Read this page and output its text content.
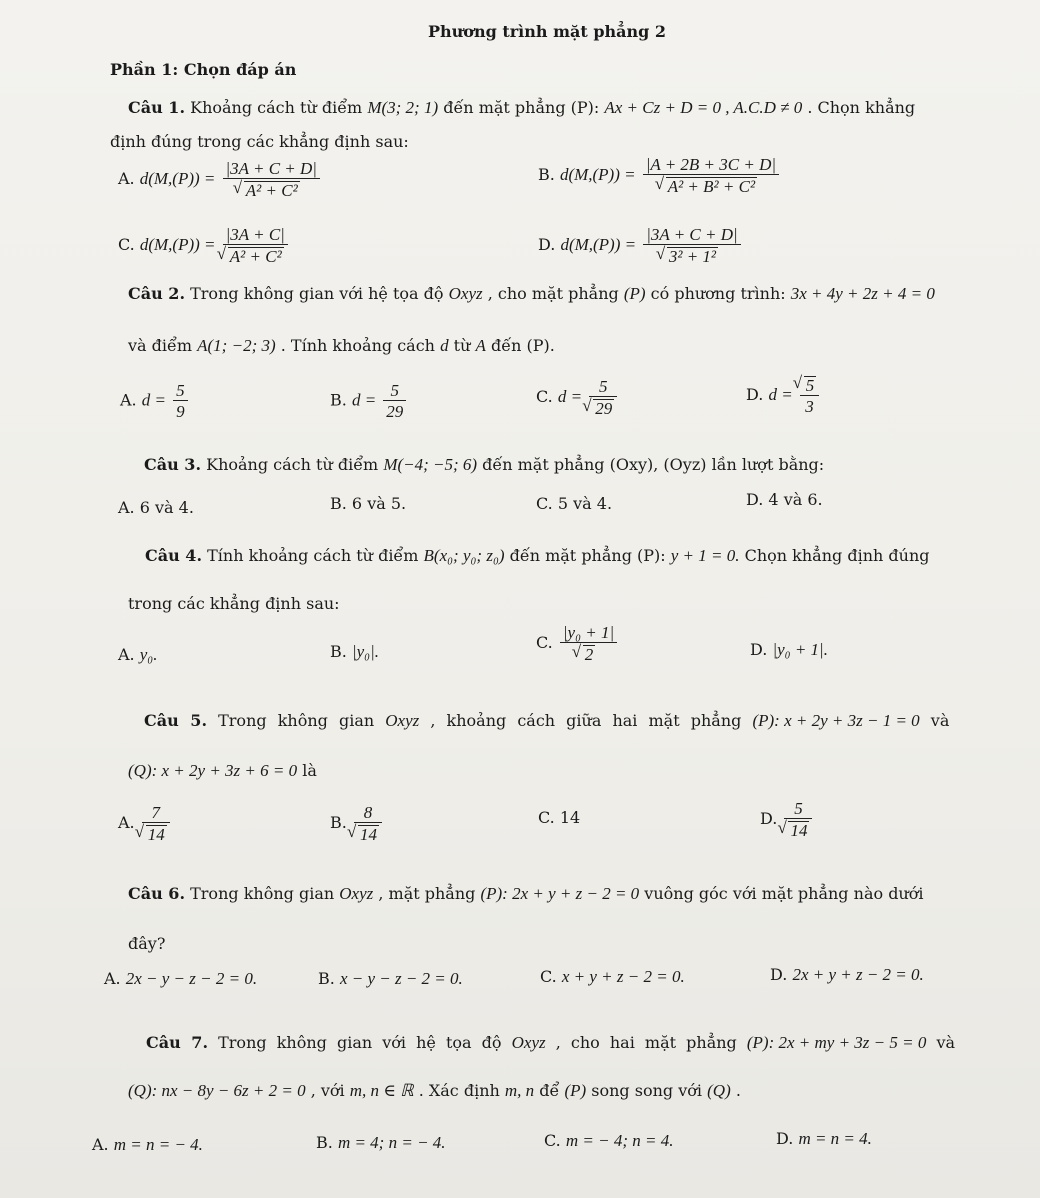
Phương trình mặt phẳng 2
Phần 1: Chọn đáp án
Câu 1. Khoảng cách từ điểm M(3; 2; 1) đến mặt phẳng (P): Ax + Cz + D = 0 , A.C.D ≠ 0 . Chọn khẳng
định đúng trong các khẳng định sau:
A. d(M,(P)) = |3A + C + D|
√ A² + C²	B. d(M,(P)) = |A + 2B + 3C + D|
√ A² + B² + C²
C. d(M,(P)) = |3A + C|
√ A² + C²	D. d(M,(P)) = |3A + C + D|
√ 3² + 1²
Câu 2. Trong không gian với hệ tọa độ Oxyz , cho mặt phẳng (P) có phương trình: 3x + 4y + 2z + 4 = 0
và điểm A(1; −2; 3) . Tính khoảng cách d từ A đến (P).
A. $d = \frac{5}{9}$	B. $d = \frac{5}{29}$	C. d = 5
√ 29	D. d =
√ $\frac{5}{3}$
Câu 3. Khoảng cách từ điểm M(−4; −5; 6) đến mặt phẳng (Oxy), (Oyz) lần lượt bằng:
A. 6 và 4.	B. 6 và 5.	C. 5 và 4.	D. 4 và 6.
Câu 4. Tính khoảng cách từ điểm B(x₀; y₀; z₀) đến mặt phẳng (P): y + 1 = 0. Chọn khẳng định đúng
trong các khẳng định sau:
A. y₀.	B. |y₀|.	C. |y₀ + 1|
√ 2	D. |y₀ + 1|.
Câu 5. Trong không gian Oxyz , khoảng cách giữa hai mặt phẳng (P): x + 2y + 3z − 1 = 0 và
(Q): x + 2y + 3z + 6 = 0 là
A. 7
√ 14	B. 8
√ 14	C. 14	D. 5
√ 14
Câu 6. Trong không gian Oxyz , mặt phẳng (P): 2x + y + z − 2 = 0 vuông góc với mặt phẳng nào dưới
đây?
A. 2x − y − z − 2 = 0.	B. x − y − z − 2 = 0.	C. x + y + z − 2 = 0.	D. 2x + y + z − 2 = 0.
Câu 7. Trong không gian với hệ tọa độ Oxyz , cho hai mặt phẳng (P): 2x + my + 3z − 5 = 0 và
(Q): nx − 8y − 6z + 2 = 0 , với m, n ∈ ℝ . Xác định m, n để (P) song song với (Q) .
A. m = n = − 4.	B. m = 4; n = − 4.	C. m = − 4; n = 4.	D. m = n = 4.
